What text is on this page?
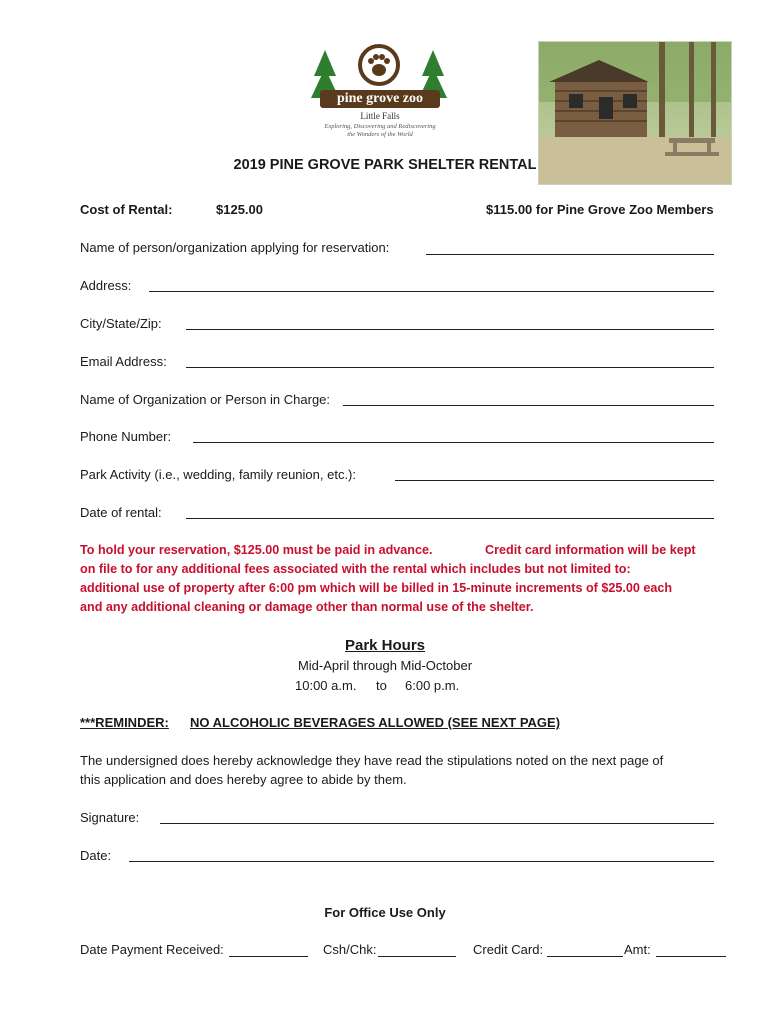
pine grove zoo
Little Falls
Exploring, Discovering and Rediscovering
the Wonders of the World
2019 PINE GROVE PARK SHELTER RENTAL
Cost of Rental:	$125.00	$115.00 for Pine Grove Zoo Members
Name of person/organization applying for reservation:
Address:
City/State/Zip:
Email Address:
Name of Organization or Person in Charge:
Phone Number:
Park Activity (i.e., wedding, family reunion, etc.):
Date of rental:
To hold your reservation, $125.00 must be paid in advance.	Credit card information will be kept
on file to for any additional fees associated with the rental which includes but not limited to:
additional use of property after 6:00 pm which will be billed in 15-minute increments of $25.00 each
and any additional cleaning or damage other than normal use of the shelter.
Park Hours
Mid-April through Mid-October
10:00 a.m. to 6:00 p.m.
***REMINDER: NO ALCOHOLIC BEVERAGES ALLOWED (SEE NEXT PAGE)
The undersigned does hereby acknowledge they have read the stipulations noted on the next page of
this application and does hereby agree to abide by them.
Signature:
Date:
For Office Use Only
Date Payment Received:	Csh/Chk:	Credit Card:	Amt:
